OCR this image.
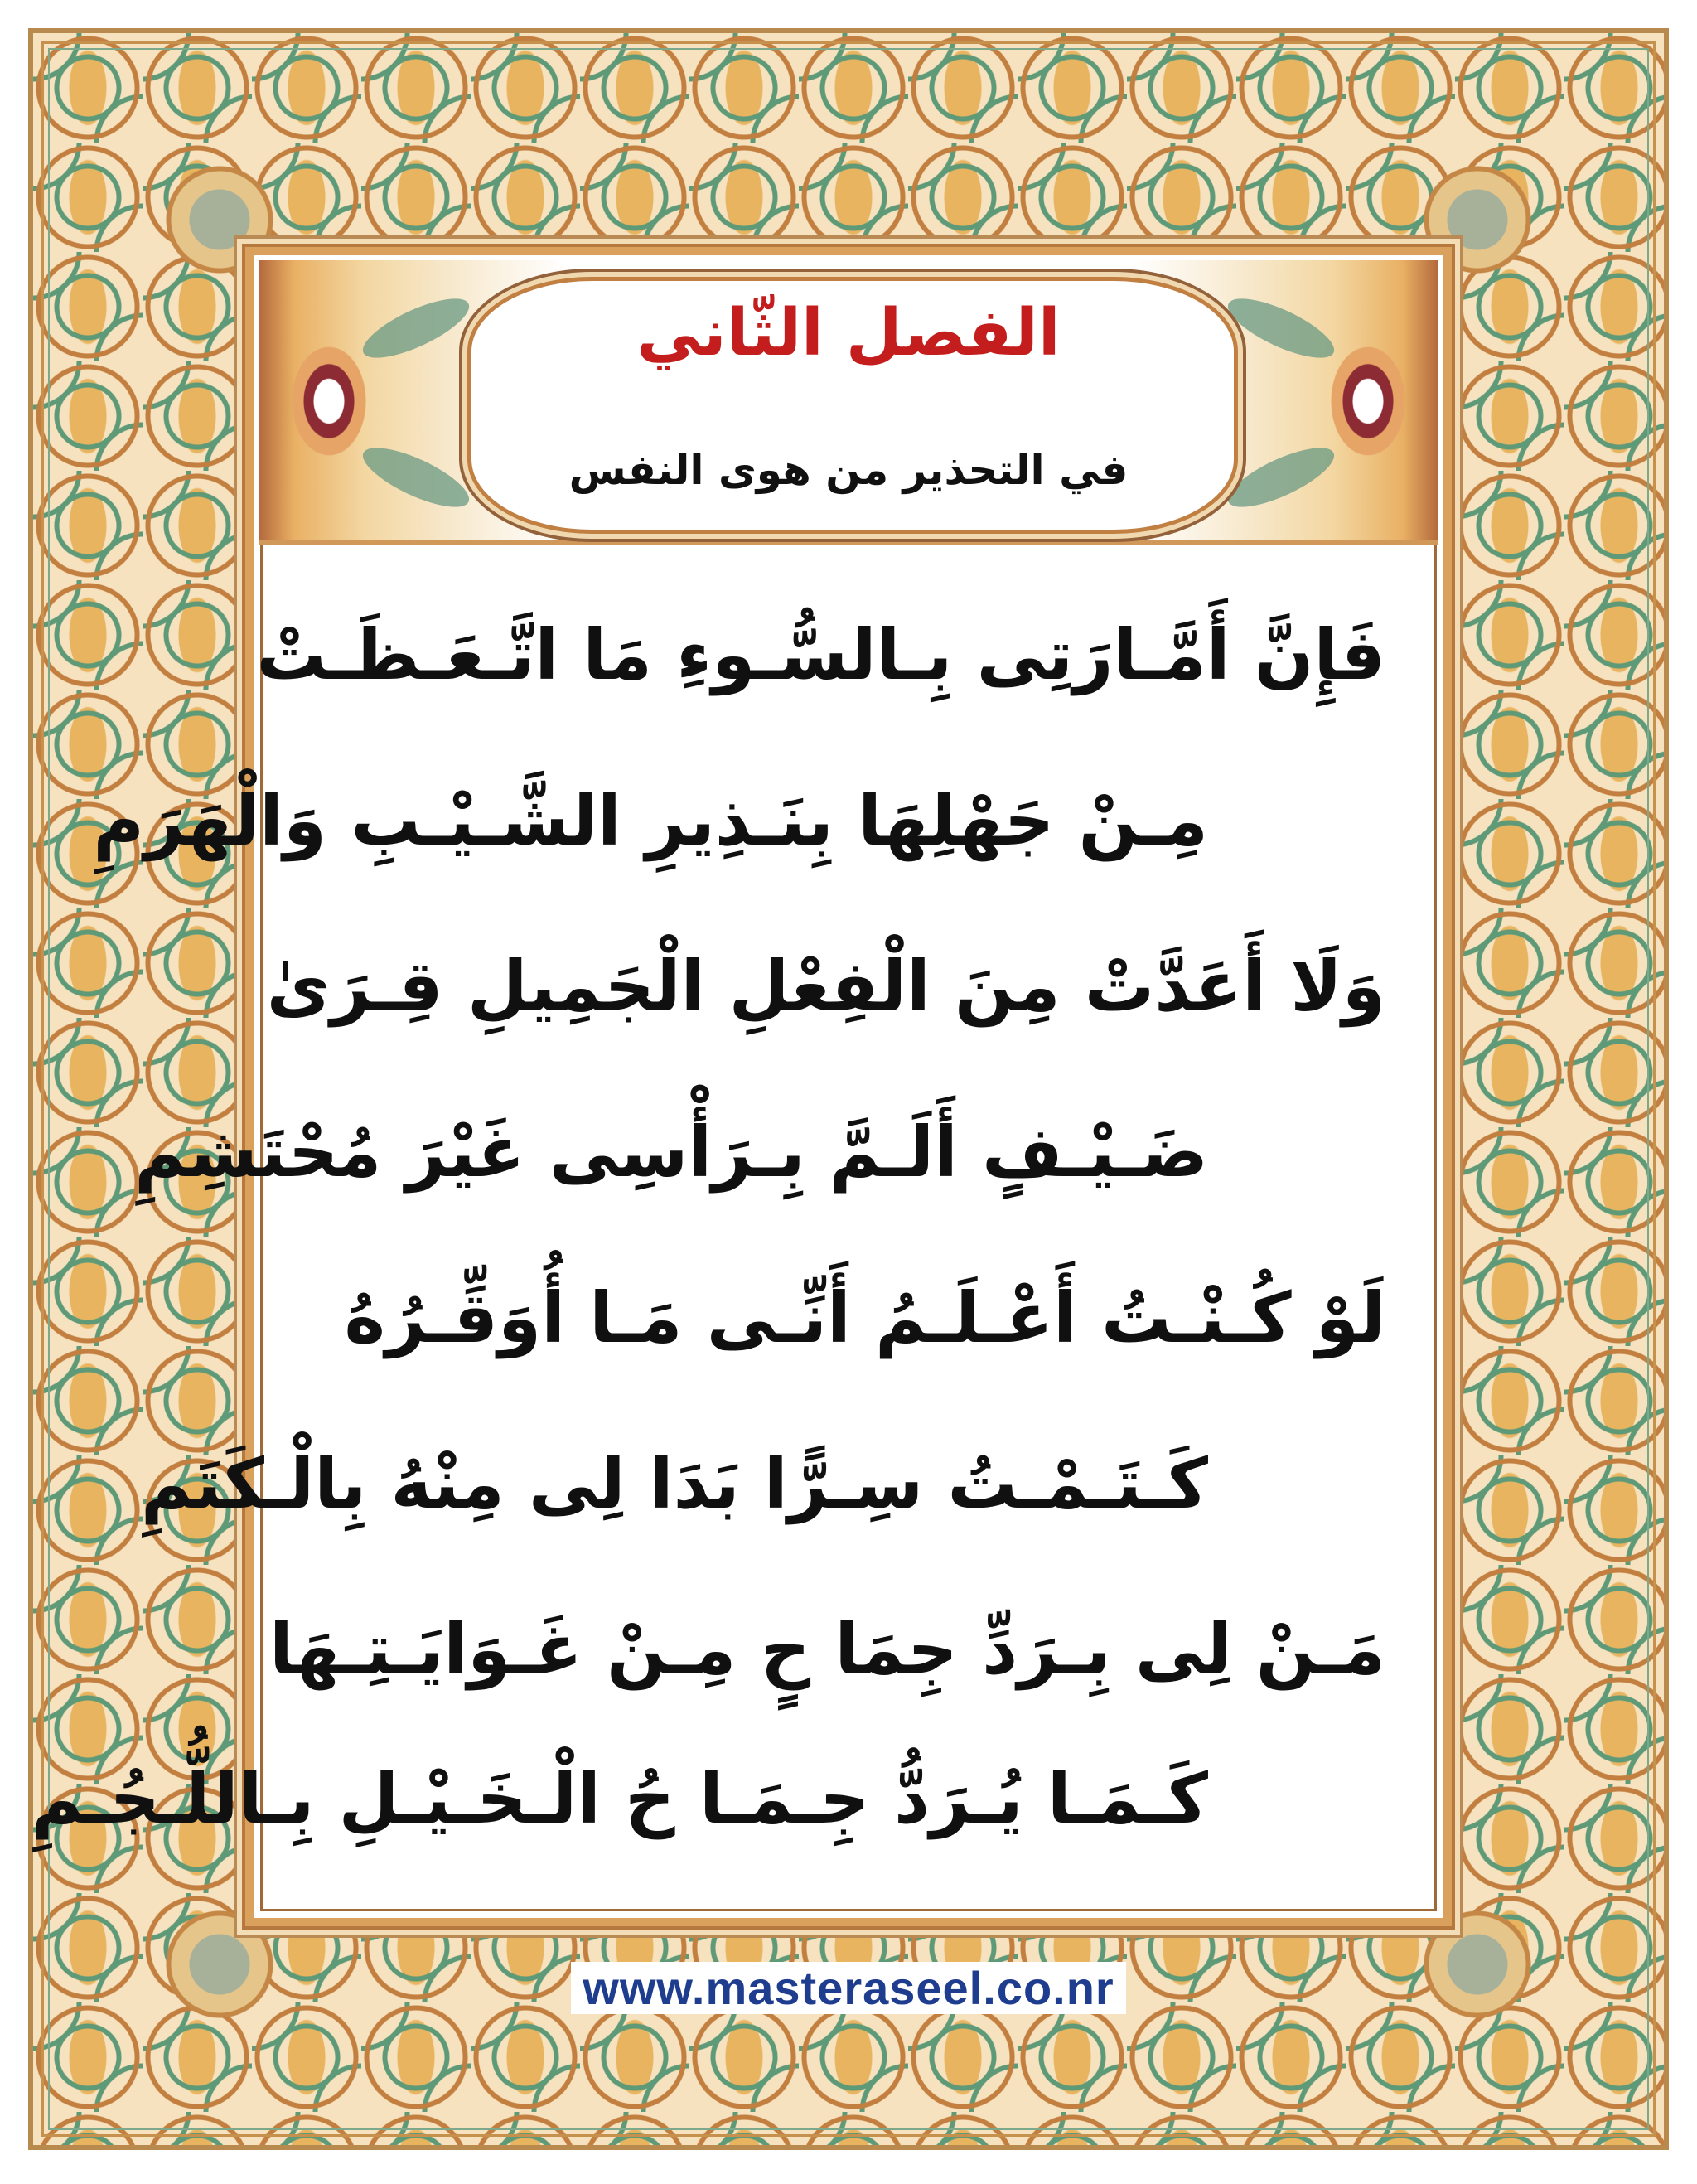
الفصل الثّاني
في التحذير من هوى النفس
فَإِنَّ أَمَّـارَتِى بِـالسُّـوءِ مَا اتَّـعَـظَـتْ
مِـنْ جَهْلِهَا بِنَـذِيرِ الشَّـيْـبِ وَالْهَرَمِ
وَلَا أَعَدَّتْ مِنَ الْفِعْلِ الْجَمِيلِ قِـرَىٰ
ضَـيْـفٍ أَلَـمَّ بِـرَأْسِى غَيْرَ مُحْتَشِمِ
لَوْ كُـنْـتُ أَعْـلَـمُ أَنِّـى مَـا أُوَقِّـرُهُ
كَـتَـمْـتُ سِـرًّا بَدَا لِى مِنْهُ بِالْـكَتَمِ
مَـنْ لِى بِـرَدِّ جِمَا حٍ مِـنْ غَـوَايَـتِـهَا
كَـمَـا يُـرَدُّ جِـمَـا حُ الْـخَـيْـلِ بِـاللُّـجُـمِ
www.masteraseel.co.nr
